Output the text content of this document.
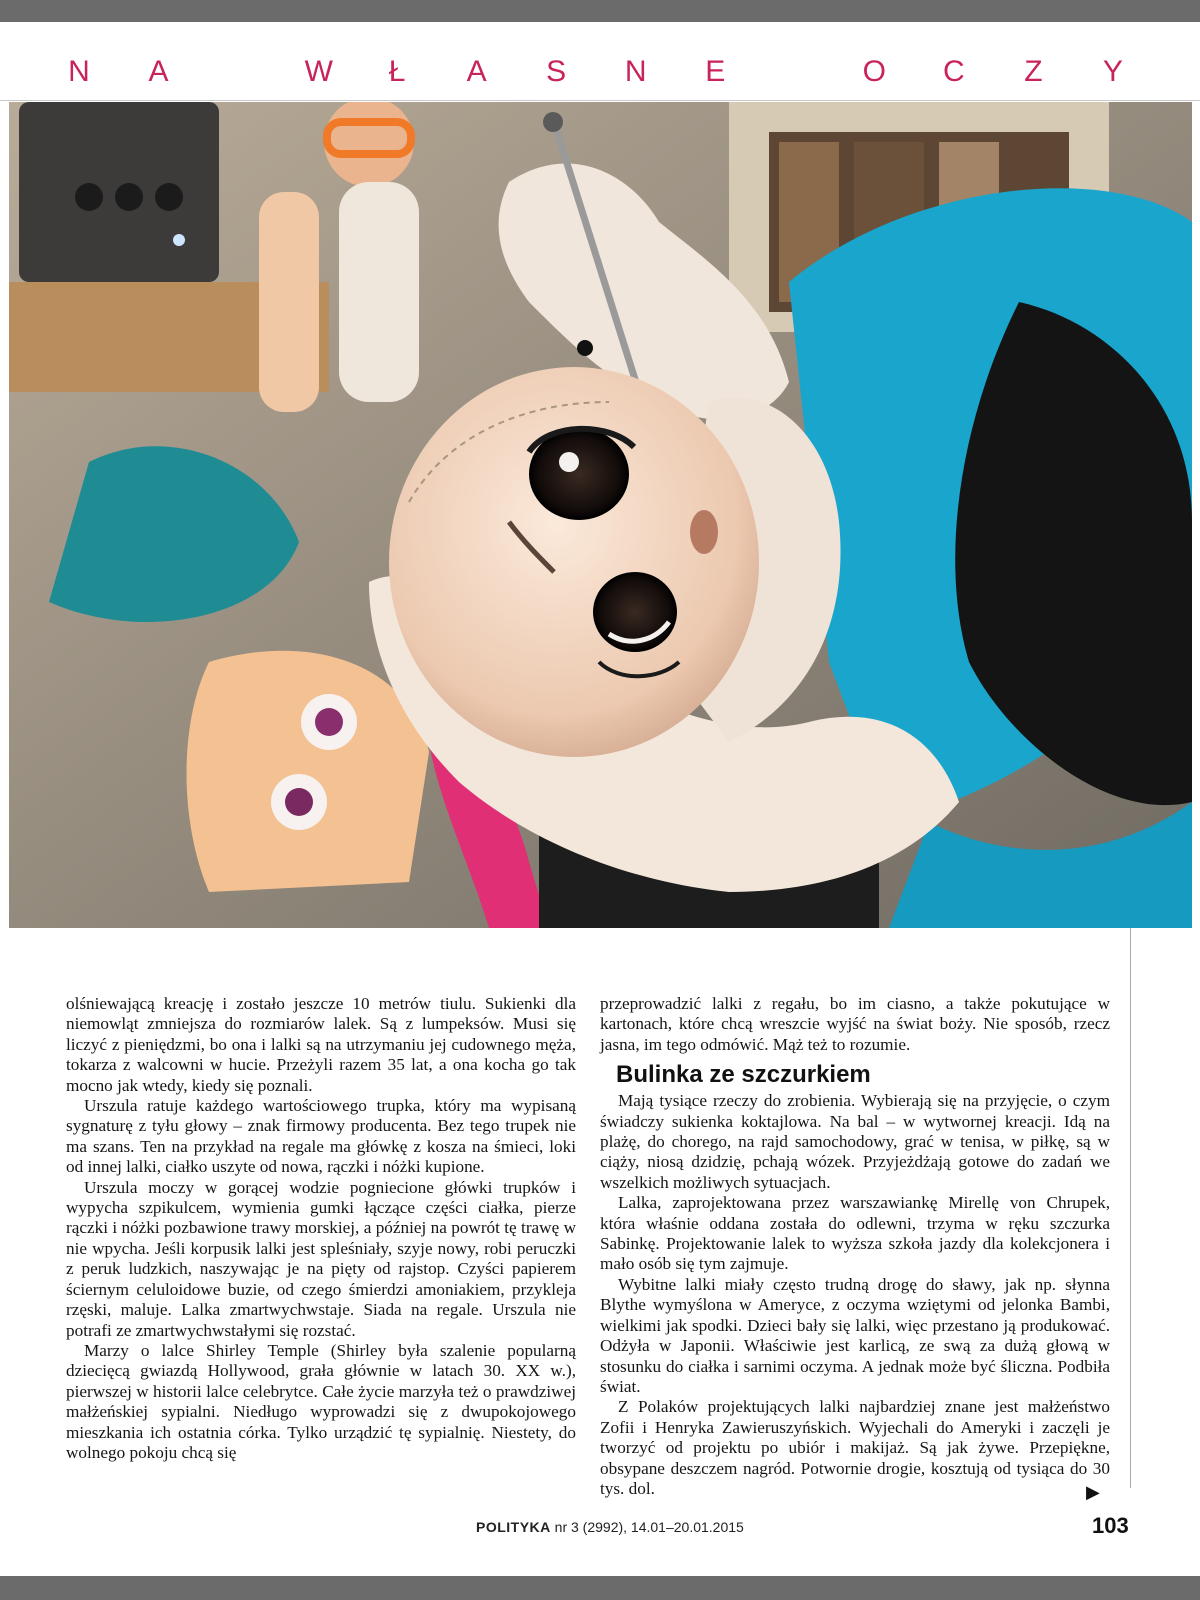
N A	W Ł A S N E	O C Z Y

olśniewającą kreację i zostało jeszcze 10 metrów tiulu. Sukienki dla niemowląt zmniejsza do rozmiarów lalek. Są z lumpeksów. Musi się liczyć z pieniędzmi, bo ona i lalki są na utrzymaniu jej cudownego męża, tokarza z walcowni w hucie. Przeżyli razem 35 lat, a ona kocha go tak mocno jak wtedy, kiedy się poznali.

Urszula ratuje każdego wartościowego trupka, który ma wypisaną sygnaturę z tyłu głowy – znak firmowy producenta. Bez tego trupek nie ma szans. Ten na przykład na regale ma główkę z kosza na śmieci, loki od innej lalki, ciałko uszyte od nowa, rączki i nóżki kupione.

Urszula moczy w gorącej wodzie pogniecione główki trupków i wypycha szpikulcem, wymienia gumki łączące części ciałka, pierze rączki i nóżki pozbawione trawy morskiej, a później na powrót tę trawę w nie wpycha. Jeśli korpusik lalki jest spleśniały, szyje nowy, robi peruczki z peruk ludzkich, naszywając je na pięty od rajstop. Czyści papierem ściernym celuloidowe buzie, od czego śmierdzi amoniakiem, przykleja rzęski, maluje. Lalka zmartwychwstaje. Siada na regale. Urszula nie potrafi ze zmartwychwstałymi się rozstać.

Marzy o lalce Shirley Temple (Shirley była szalenie popularną dziecięcą gwiazdą Hollywood, grała głównie w latach 30. XX w.), pierwszej w historii lalce celebrytce. Całe życie marzyła też o prawdziwej małżeńskiej sypialni. Niedługo wyprowadzi się z dwupokojowego mieszkania ich ostatnia córka. Tylko urządzić tę sypialnię. Niestety, do wolnego pokoju chcą się

przeprowadzić lalki z regału, bo im ciasno, a także pokutujące w kartonach, które chcą wreszcie wyjść na świat boży. Nie sposób, rzecz jasna, im tego odmówić. Mąż też to rozumie.

Bulinka ze szczurkiem

Mają tysiące rzeczy do zrobienia. Wybierają się na przyjęcie, o czym świadczy sukienka koktajlowa. Na bal – w wytwornej kreacji. Idą na plażę, do chorego, na rajd samochodowy, grać w tenisa, w piłkę, są w ciąży, niosą dzidzię, pchają wózek. Przyjeżdżają gotowe do zadań we wszelkich możliwych sytuacjach.

Lalka, zaprojektowana przez warszawiankę Mirellę von Chrupek, która właśnie oddana została do odlewni, trzyma w ręku szczurka Sabinkę. Projektowanie lalek to wyższa szkoła jazdy dla kolekcjonera i mało osób się tym zajmuje.

Wybitne lalki miały często trudną drogę do sławy, jak np. słynna Blythe wymyślona w Ameryce, z oczyma wziętymi od jelonka Bambi, wielkimi jak spodki. Dzieci bały się lalki, więc przestano ją produkować. Odżyła w Japonii. Właściwie jest karlicą, ze swą za dużą głową w stosunku do ciałka i sarnimi oczyma. A jednak może być śliczna. Podbiła świat.

Z Polaków projektujących lalki najbardziej znane jest małżeństwo Zofii i Henryka Zawieruszyńskich. Wyjechali do Ameryki i zaczęli je tworzyć od projektu po ubiór i makijaż. Są jak żywe. Przepiękne, obsypane deszczem nagród. Potwornie drogie, kosztują od tysiąca do 30 tys. dol.	▶
POLITYKA nr 3 (2992), 14.01–20.01.2015	103
